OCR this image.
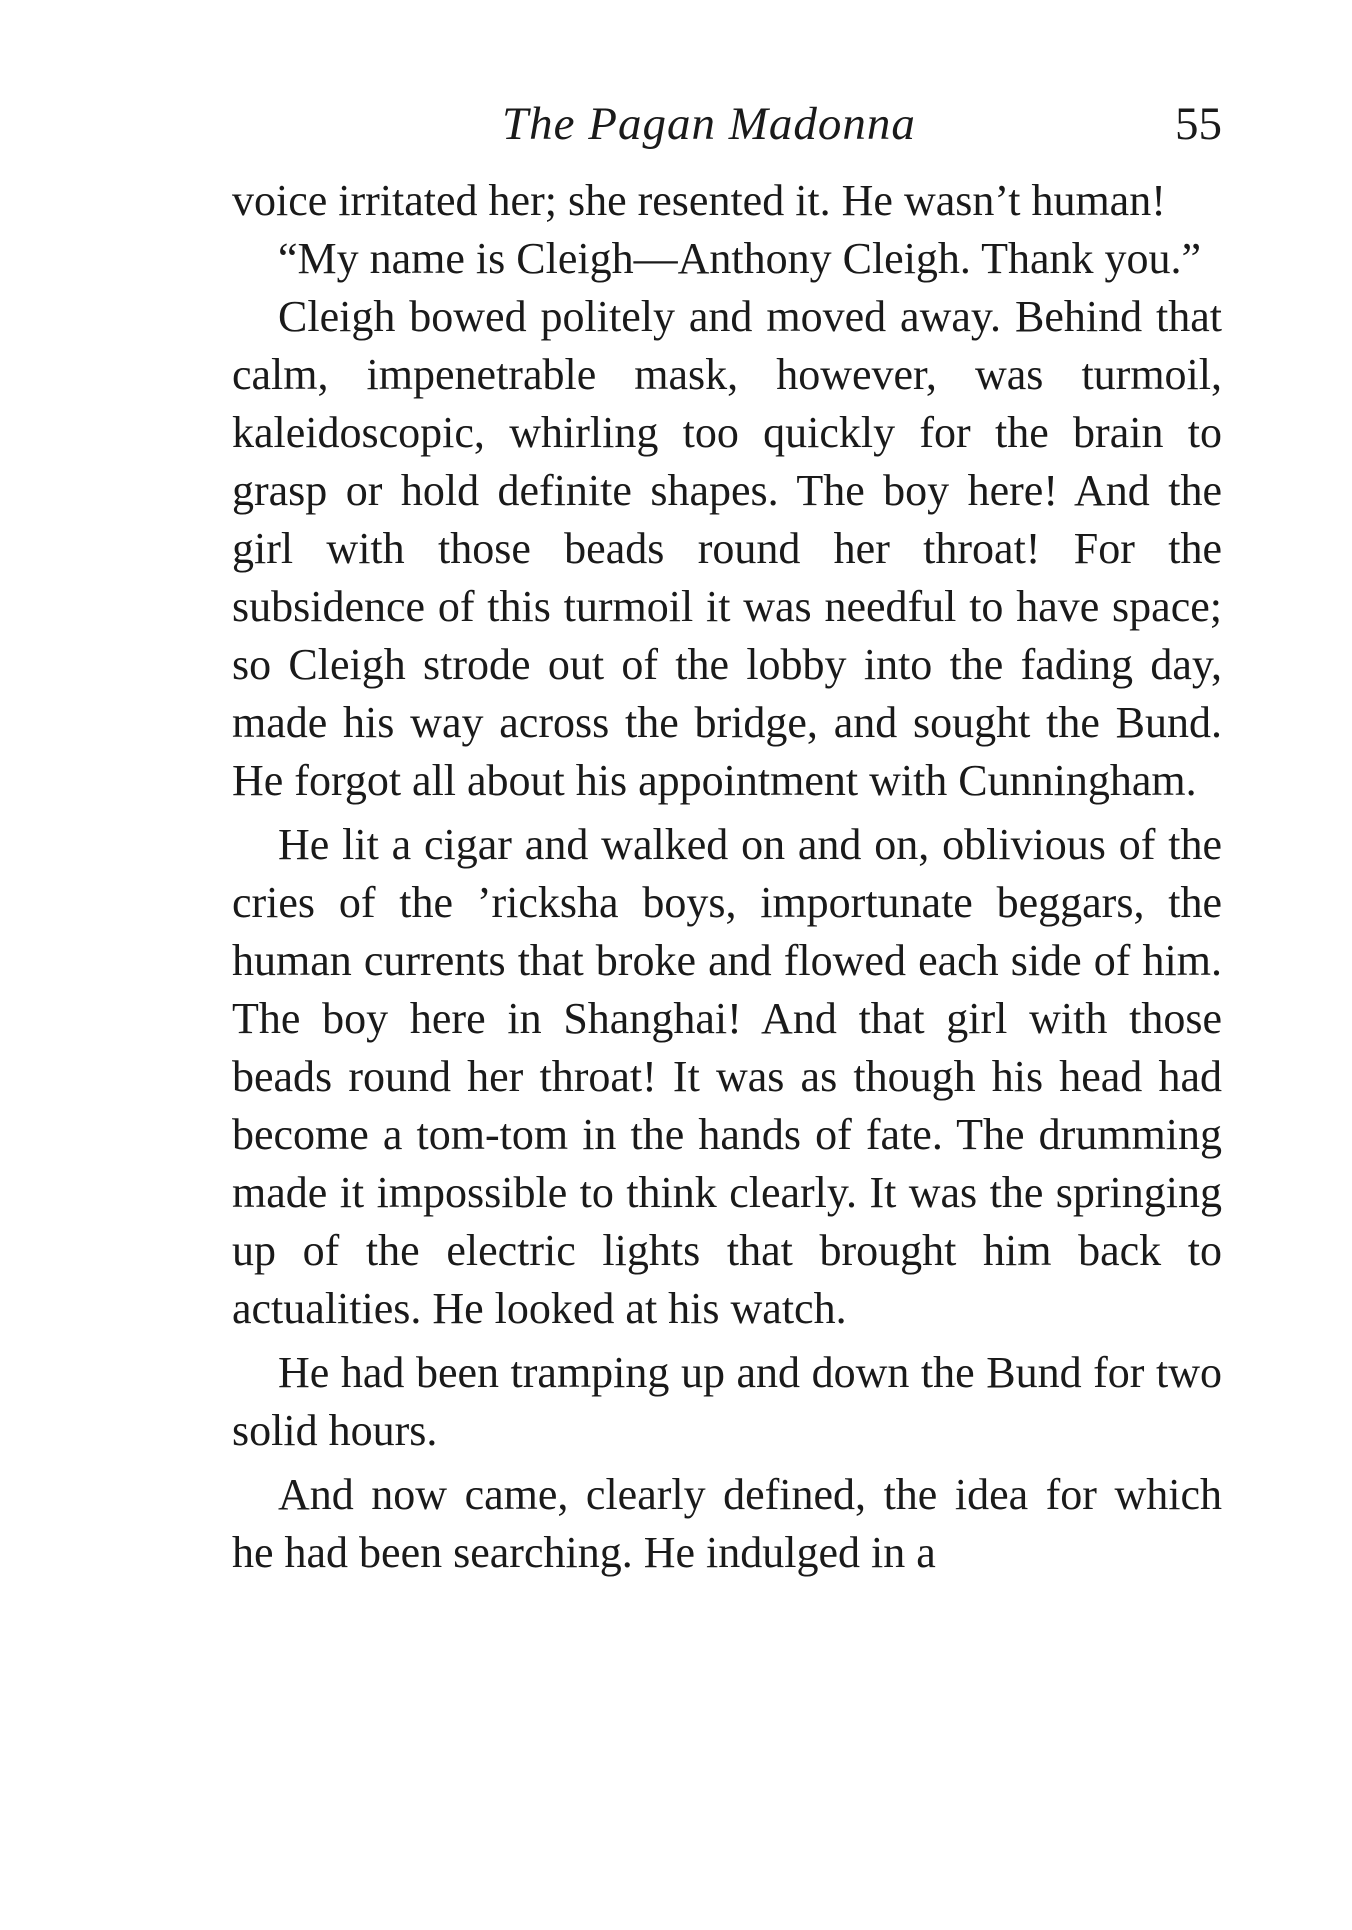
The Pagan Madonna	55

voice irritated her; she resented it. He wasn’t human!

“My name is Cleigh—Anthony Cleigh. Thank you.”

Cleigh bowed politely and moved away. Behind that calm, impenetrable mask, however, was turmoil, kaleidoscopic, whirling too quickly for the brain to grasp or hold definite shapes. The boy here! And the girl with those beads round her throat! For the subsidence of this turmoil it was needful to have space; so Cleigh strode out of the lobby into the fading day, made his way across the bridge, and sought the Bund. He forgot all about his appointment with Cunningham.

He lit a cigar and walked on and on, oblivious of the cries of the ’ricksha boys, importunate beggars, the human currents that broke and flowed each side of him. The boy here in Shanghai! And that girl with those beads round her throat! It was as though his head had become a tom-tom in the hands of fate. The drumming made it impossible to think clearly. It was the springing up of the electric lights that brought him back to actualities. He looked at his watch.

He had been tramping up and down the Bund for two solid hours.

And now came, clearly defined, the idea for which he had been searching. He indulged in a
